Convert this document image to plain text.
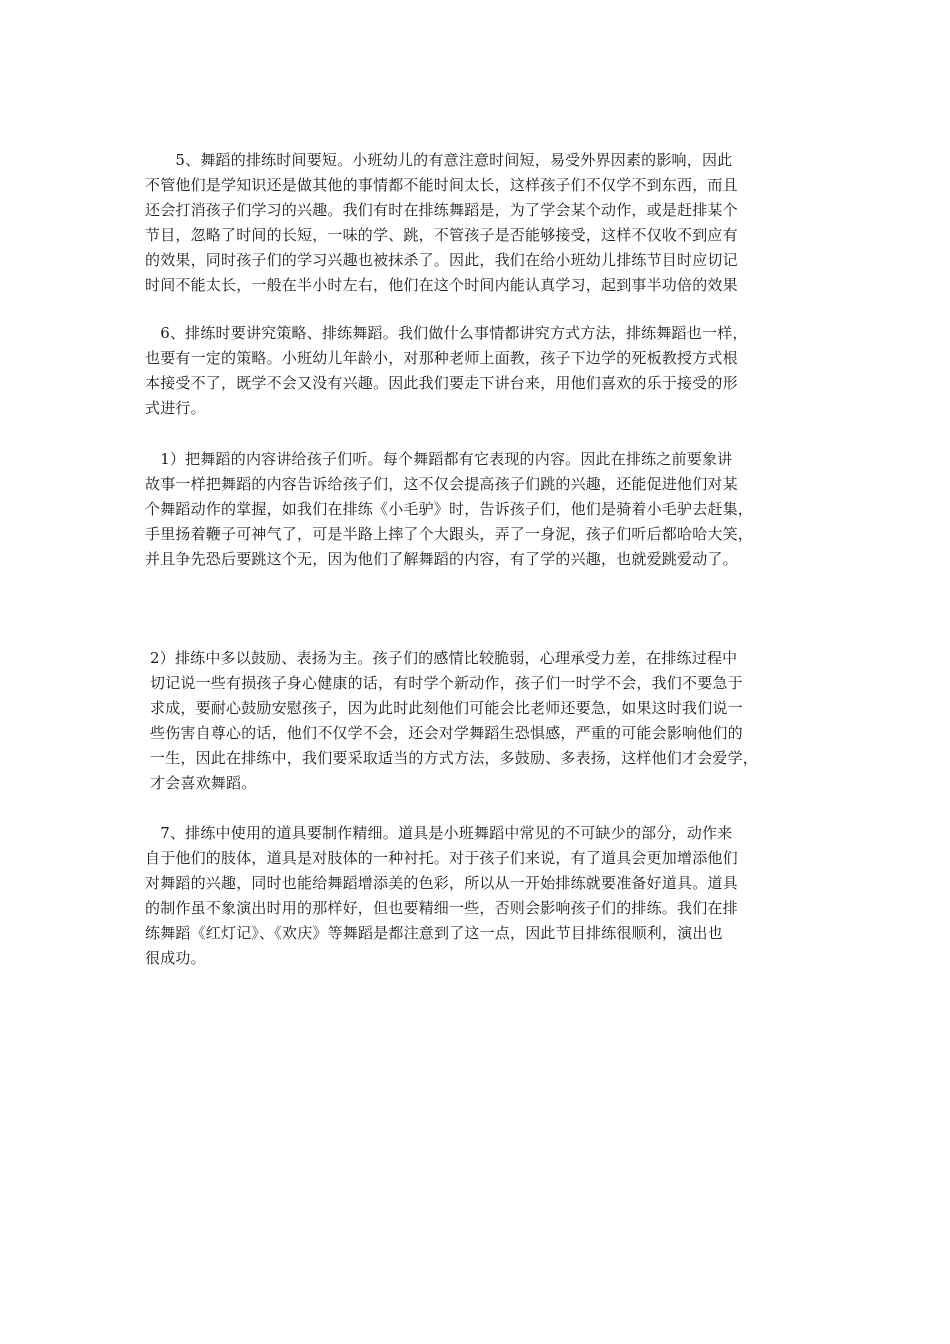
　　5、舞蹈的排练时间要短。小班幼儿的有意注意时间短，易受外界因素的影响，因此
不管他们是学知识还是做其他的事情都不能时间太长，这样孩子们不仅学不到东西，而且
还会打消孩子们学习的兴趣。我们有时在排练舞蹈是，为了学会某个动作，或是赶排某个
节目，忽略了时间的长短，一味的学、跳，不管孩子是否能够接受，这样不仅收不到应有
的效果，同时孩子们的学习兴趣也被抹杀了。因此，我们在给小班幼儿排练节目时应切记
时间不能太长，一般在半小时左右，他们在这个时间内能认真学习，起到事半功倍的效果
　6、排练时要讲究策略、排练舞蹈。我们做什么事情都讲究方式方法，排练舞蹈也一样，
也要有一定的策略。小班幼儿年龄小，对那种老师上面教，孩子下边学的死板教授方式根
本接受不了，既学不会又没有兴趣。因此我们要走下讲台来，用他们喜欢的乐于接受的形
式进行。
　1）把舞蹈的内容讲给孩子们听。每个舞蹈都有它表现的内容。因此在排练之前要象讲
故事一样把舞蹈的内容告诉给孩子们，这不仅会提高孩子们跳的兴趣，还能促进他们对某
个舞蹈动作的掌握，如我们在排练《小毛驴》时，告诉孩子们，他们是骑着小毛驴去赶集，
手里扬着鞭子可神气了，可是半路上摔了个大跟头，弄了一身泥，孩子们听后都哈哈大笑，
并且争先恐后要跳这个无，因为他们了解舞蹈的内容，有了学的兴趣，也就爱跳爱动了。
2）排练中多以鼓励、表扬为主。孩子们的感情比较脆弱，心理承受力差，在排练过程中
切记说一些有损孩子身心健康的话，有时学个新动作，孩子们一时学不会，我们不要急于
求成，要耐心鼓励安慰孩子，因为此时此刻他们可能会比老师还要急，如果这时我们说一
些伤害自尊心的话，他们不仅学不会，还会对学舞蹈生恐惧感，严重的可能会影响他们的
一生，因此在排练中，我们要采取适当的方式方法，多鼓励、多表扬，这样他们才会爱学，
才会喜欢舞蹈。
　7、排练中使用的道具要制作精细。道具是小班舞蹈中常见的不可缺少的部分，动作来
自于他们的肢体，道具是对肢体的一种衬托。对于孩子们来说，有了道具会更加增添他们
对舞蹈的兴趣，同时也能给舞蹈增添美的色彩，所以从一开始排练就要准备好道具。道具
的制作虽不象演出时用的那样好，但也要精细一些，否则会影响孩子们的排练。我们在排
练舞蹈《红灯记》、《欢庆》等舞蹈是都注意到了这一点，因此节目排练很顺利，演出也
很成功。
